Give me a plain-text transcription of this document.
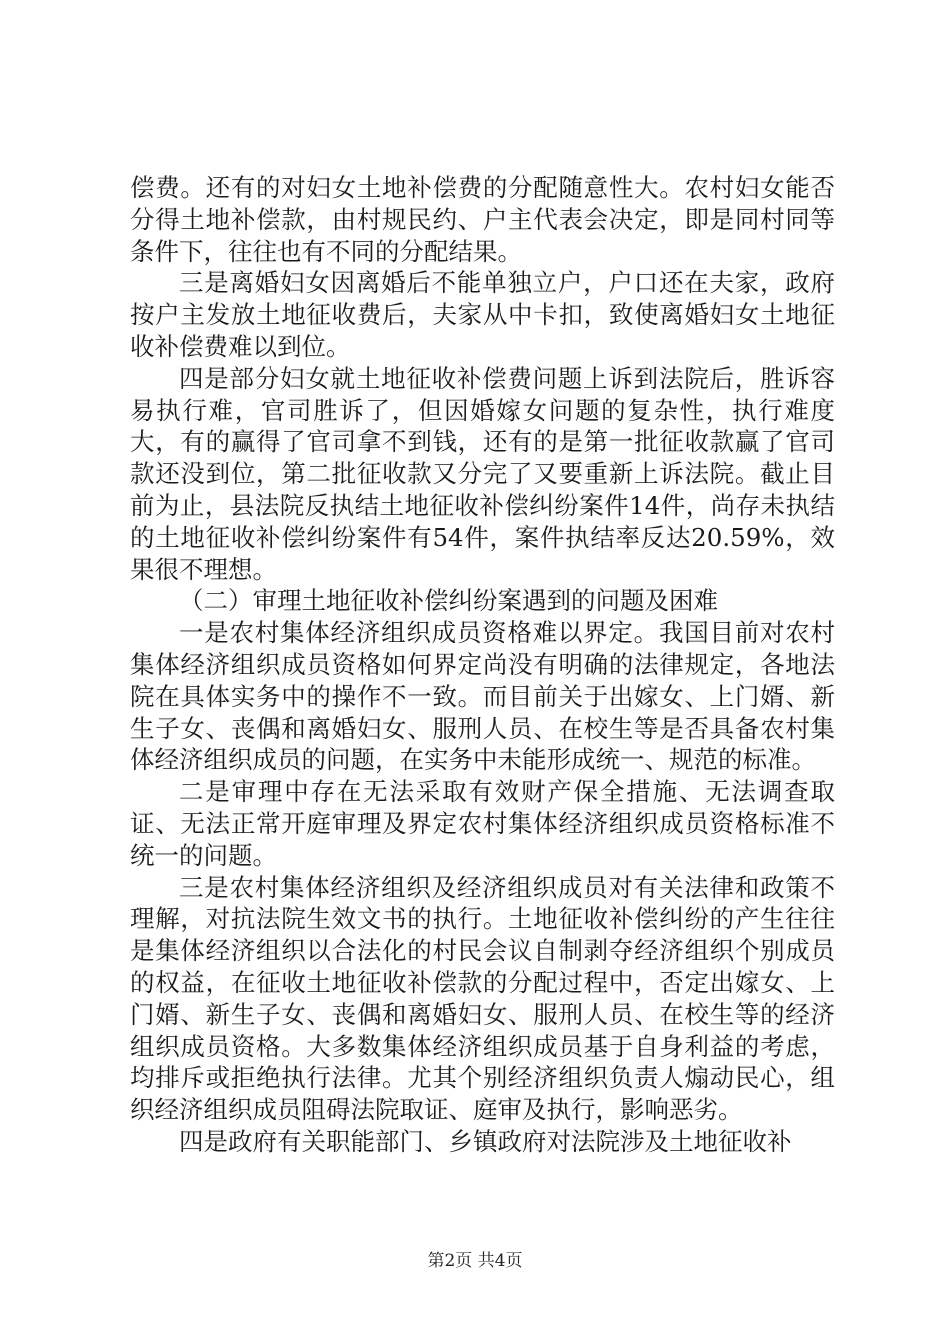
偿费。还有的对妇女土地补偿费的分配随意性大。农村妇女能否分得土地补偿款，由村规民约、户主代表会决定，即是同村同等条件下，往往也有不同的分配结果。

三是离婚妇女因离婚后不能单独立户，户口还在夫家，政府按户主发放土地征收费后，夫家从中卡扣，致使离婚妇女土地征收补偿费难以到位。

四是部分妇女就土地征收补偿费问题上诉到法院后，胜诉容易执行难，官司胜诉了，但因婚嫁女问题的复杂性，执行难度大，有的赢得了官司拿不到钱，还有的是第一批征收款赢了官司款还没到位，第二批征收款又分完了又要重新上诉法院。截止目前为止，县法院反执结土地征收补偿纠纷案件14件，尚存未执结的土地征收补偿纠纷案件有54件，案件执结率反达20.59%，效果很不理想。

（二）审理土地征收补偿纠纷案遇到的问题及困难

一是农村集体经济组织成员资格难以界定。我国目前对农村集体经济组织成员资格如何界定尚没有明确的法律规定，各地法院在具体实务中的操作不一致。而目前关于出嫁女、上门婿、新生子女、丧偶和离婚妇女、服刑人员、在校生等是否具备农村集体经济组织成员的问题，在实务中未能形成统一、规范的标准。

二是审理中存在无法采取有效财产保全措施、无法调查取证、无法正常开庭审理及界定农村集体经济组织成员资格标准不统一的问题。

三是农村集体经济组织及经济组织成员对有关法律和政策不理解，对抗法院生效文书的执行。土地征收补偿纠纷的产生往往是集体经济组织以合法化的村民会议自制剥夺经济组织个别成员的权益，在征收土地征收补偿款的分配过程中，否定出嫁女、上门婿、新生子女、丧偶和离婚妇女、服刑人员、在校生等的经济组织成员资格。大多数集体经济组织成员基于自身利益的考虑，均排斥或拒绝执行法律。尤其个别经济组织负责人煽动民心，组织经济组织成员阻碍法院取证、庭审及执行，影响恶劣。

四是政府有关职能部门、乡镇政府对法院涉及土地征收补

第2页 共4页
